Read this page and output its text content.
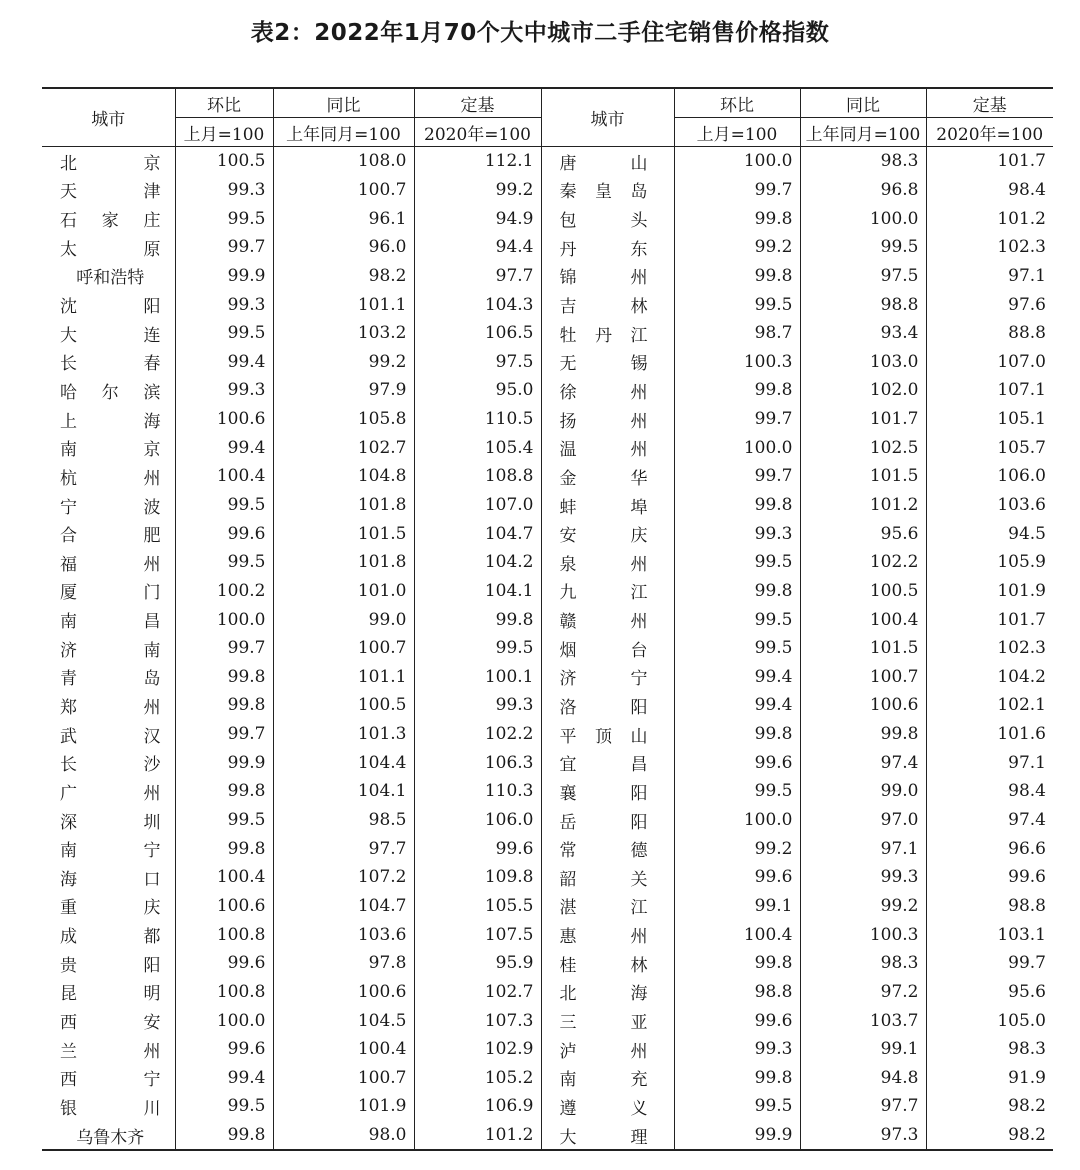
表2：2022年1月70个大中城市二手住宅销售价格指数
城市	环比	同比	定基	城市	环比	同比	定基
	上月=100	上年同月=100	2020年=100		上月=100	上年同月=100	2020年=100

北　京	100.5	108.0	112.1	唐　山	100.0	98.3	101.7

天　津	99.3	100.7	99.2	秦皇岛	99.7	96.8	98.4

石家庄	99.5	96.1	94.9	包　头	99.8	100.0	101.2

太　原	99.7	96.0	94.4	丹　东	99.2	99.5	102.3

呼和浩特	99.9	98.2	97.7	锦　州	99.8	97.5	97.1

沈　阳	99.3	101.1	104.3	吉　林	99.5	98.8	97.6

大　连	99.5	103.2	106.5	牡丹江	98.7	93.4	88.8

长　春	99.4	99.2	97.5	无　锡	100.3	103.0	107.0

哈尔滨	99.3	97.9	95.0	徐　州	99.8	102.0	107.1

上　海	100.6	105.8	110.5	扬　州	99.7	101.7	105.1

南　京	99.4	102.7	105.4	温　州	100.0	102.5	105.7

杭　州	100.4	104.8	108.8	金　华	99.7	101.5	106.0

宁　波	99.5	101.8	107.0	蚌　埠	99.8	101.2	103.6

合　肥	99.6	101.5	104.7	安　庆	99.3	95.6	94.5

福　州	99.5	101.8	104.2	泉　州	99.5	102.2	105.9

厦　门	100.2	101.0	104.1	九　江	99.8	100.5	101.9

南　昌	100.0	99.0	99.8	赣　州	99.5	100.4	101.7

济　南	99.7	100.7	99.5	烟　台	99.5	101.5	102.3

青　岛	99.8	101.1	100.1	济　宁	99.4	100.7	104.2

郑　州	99.8	100.5	99.3	洛　阳	99.4	100.6	102.1

武　汉	99.7	101.3	102.2	平顶山	99.8	99.8	101.6

长　沙	99.9	104.4	106.3	宜　昌	99.6	97.4	97.1

广　州	99.8	104.1	110.3	襄　阳	99.5	99.0	98.4

深　圳	99.5	98.5	106.0	岳　阳	100.0	97.0	97.4

南　宁	99.8	97.7	99.6	常　德	99.2	97.1	96.6

海　口	100.4	107.2	109.8	韶　关	99.6	99.3	99.6

重　庆	100.6	104.7	105.5	湛　江	99.1	99.2	98.8

成　都	100.8	103.6	107.5	惠　州	100.4	100.3	103.1

贵　阳	99.6	97.8	95.9	桂　林	99.8	98.3	99.7

昆　明	100.8	100.6	102.7	北　海	98.8	97.2	95.6

西　安	100.0	104.5	107.3	三　亚	99.6	103.7	105.0

兰　州	99.6	100.4	102.9	泸　州	99.3	99.1	98.3

西　宁	99.4	100.7	105.2	南　充	99.8	94.8	91.9

银　川	99.5	101.9	106.9	遵　义	99.5	97.7	98.2

乌鲁木齐	99.8	98.0	101.2	大　理	99.9	97.3	98.2
